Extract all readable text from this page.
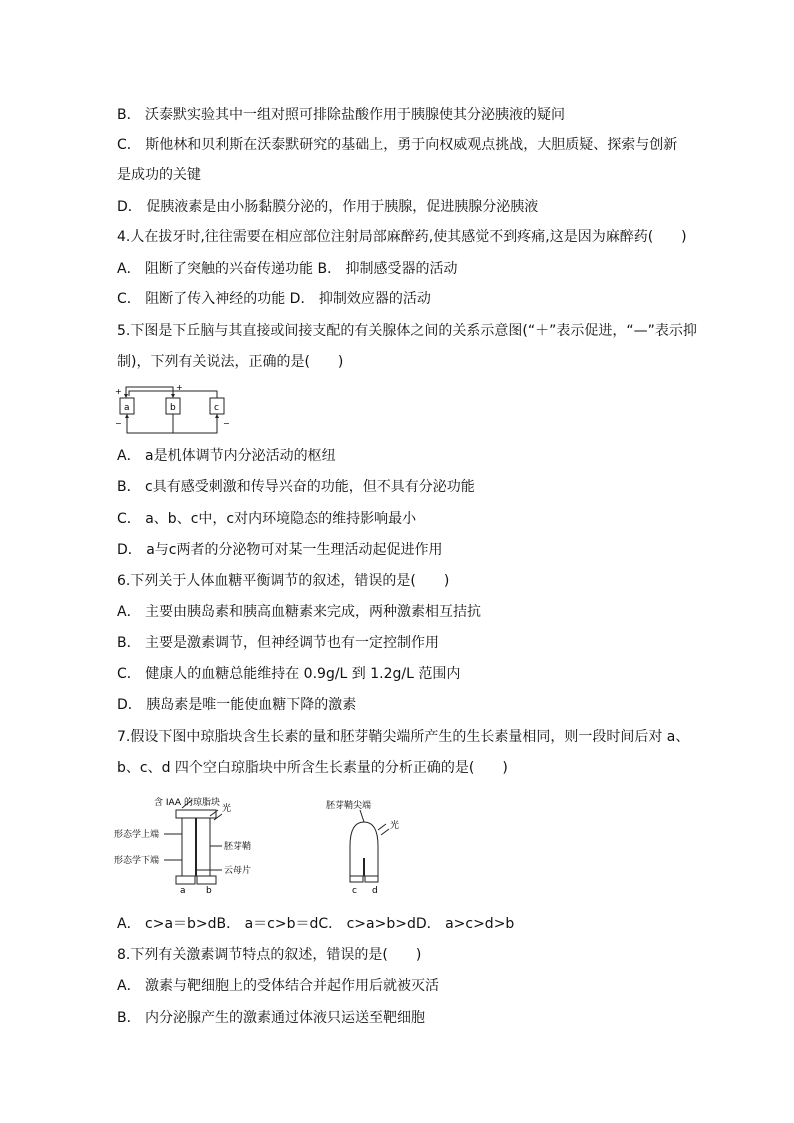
B． 沃泰默实验其中一组对照可排除盐酸作用于胰腺使其分泌胰液的疑问
C． 斯他林和贝利斯在沃泰默研究的基础上，勇于向权威观点挑战，大胆质疑、探索与创新
是成功的关键
D． 促胰液素是由小肠黏膜分泌的，作用于胰腺，促进胰腺分泌胰液
4.人在拔牙时,往往需要在相应部位注射局部麻醉药,使其感觉不到疼痛,这是因为麻醉药(　　)
A． 阻断了突触的兴奋传递功能 B． 抑制感受器的活动
C． 阻断了传入神经的功能 D． 抑制效应器的活动
5.下图是下丘脑与其直接或间接支配的有关腺体之间的关系示意图(“＋”表示促进，“—”表示抑
制)，下列有关说法，正确的是(　　)
a	b	c
+	+
−	−
A． a是机体调节内分泌活动的枢纽
B． c具有感受刺激和传导兴奋的功能，但不具有分泌功能
C． a、b、c中，c对内环境隐态的维持影响最小
D． a与c两者的分泌物可对某一生理活动起促进作用
6.下列关于人体血糖平衡调节的叙述，错误的是(　　)
A． 主要由胰岛素和胰高血糖素来完成，两种激素相互拮抗
B． 主要是激素调节，但神经调节也有一定控制作用
C． 健康人的血糖总能维持在 0.9g/L 到 1.2g/L 范围内
D． 胰岛素是唯一能使血糖下降的激素
7.假设下图中琼脂块含生长素的量和胚芽鞘尖端所产生的生长素量相同，则一段时间后对 a、
b、c、d 四个空白琼脂块中所含生长素量的分析正确的是(　　)
含 IAA 的琼脂块
光
形态学上端
胚芽鞘
形态学下端
云母片
a b
胚芽鞘尖端
光
c d
A． c>a＝b>dB． a＝c>b＝dC． c>a>b>dD． a>c>d>b
8.下列有关激素调节特点的叙述，错误的是(　　)
A． 激素与靶细胞上的受体结合并起作用后就被灭活
B． 内分泌腺产生的激素通过体液只运送至靶细胞
